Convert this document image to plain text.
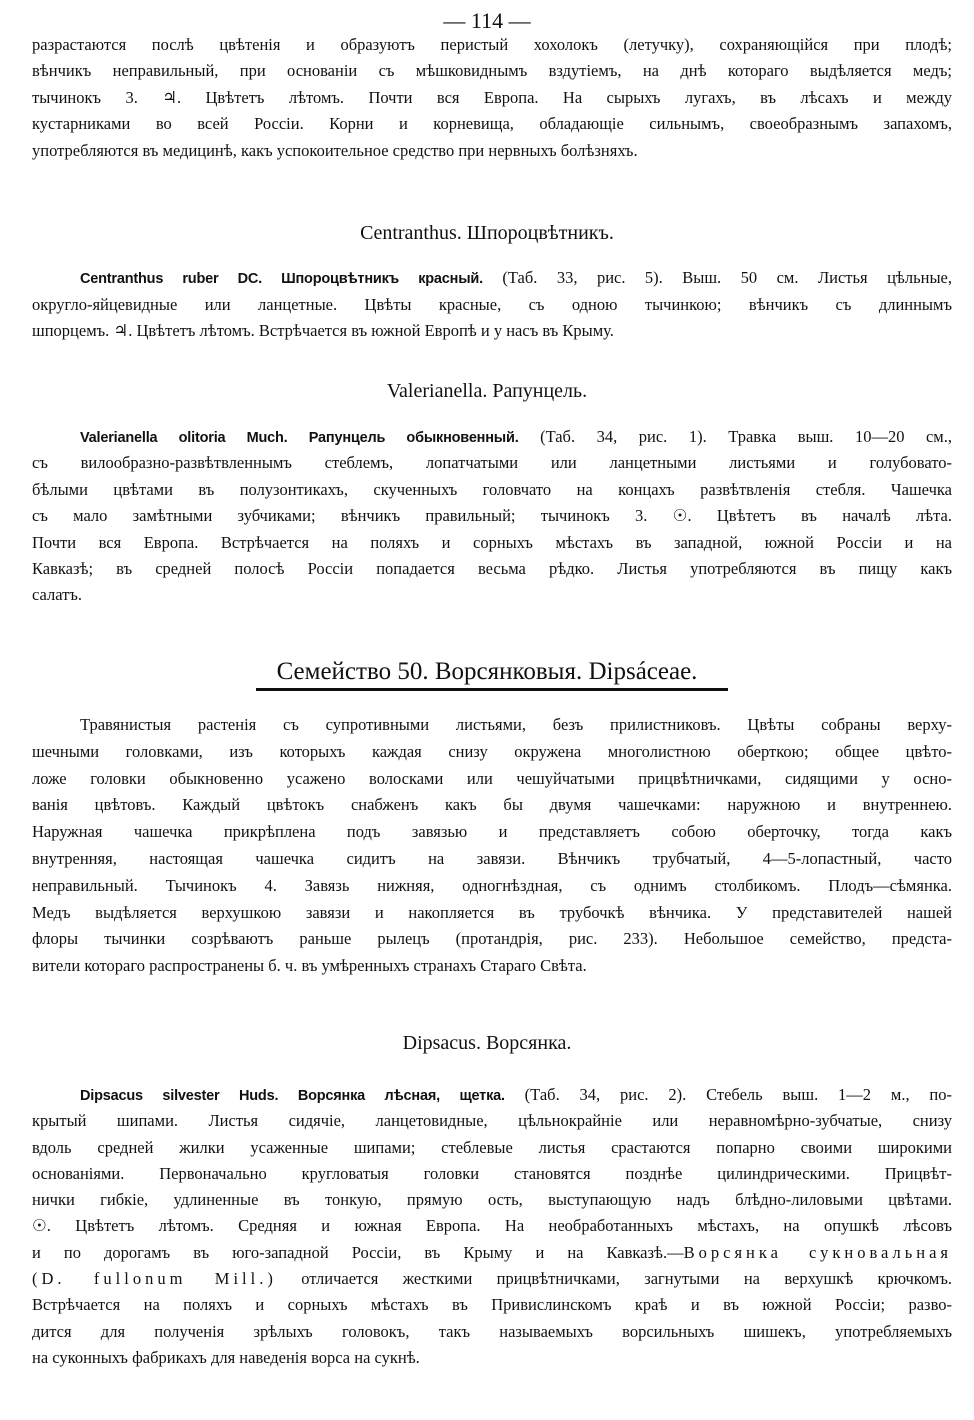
— 114 —
разрастаются послѣ цвѣтенія и образуютъ перистый хохолокъ (летучку), сохраняющійся при плодѣ;
вѣнчикъ неправильный, при основаніи съ мѣшковиднымъ вздутіемъ, на днѣ котораго выдѣляется медъ;
тычинокъ 3. ♃. Цвѣтетъ лѣтомъ. Почти вся Европа. На сырыхъ лугахъ, въ лѣсахъ и между
кустарниками во всей Россіи. Корни и корневища, обладающіе сильнымъ, своеобразнымъ запахомъ,
употребляются въ медицинѣ, какъ успокоительное средство при нервныхъ болѣзняхъ.
Centranthus. Шпороцвѣтникъ.
Centranthus ruber DC. Шпороцвѣтникъ красный. (Таб. 33, рис. 5). Выш. 50 см. Листья цѣльные,
округло-яйцевидные или ланцетные. Цвѣты красные, съ одною тычинкою; вѣнчикъ съ длиннымъ
шпорцемъ. ♃. Цвѣтетъ лѣтомъ. Встрѣчается въ южной Европѣ и у насъ въ Крыму.
Valerianella. Рапунцель.
Valerianella olitoria Much. Рапунцель обыкновенный. (Таб. 34, рис. 1). Травка выш. 10—20 см.,
съ вилообразно-развѣтвленнымъ стеблемъ, лопатчатыми или ланцетными листьями и голубовато-
бѣлыми цвѣтами въ полузонтикахъ, скученныхъ головчато на концахъ развѣтвленія стебля. Чашечка
съ мало замѣтными зубчиками; вѣнчикъ правильный; тычинокъ 3. ☉. Цвѣтетъ въ началѣ лѣта.
Почти вся Европа. Встрѣчается на поляхъ и сорныхъ мѣстахъ въ западной, южной Россіи и на
Кавказѣ; въ средней полосѣ Россіи попадается весьма рѣдко. Листья употребляются въ пищу какъ
салатъ.
Семейство 50. Ворсянковыя. Dipsáceae.
Травянистыя растенія съ супротивными листьями, безъ прилистниковъ. Цвѣты собраны верху-
шечными головками, изъ которыхъ каждая снизу окружена многолистною оберткою; общее цвѣто-
ложе головки обыкновенно усажено волосками или чешуйчатыми прицвѣтничками, сидящими у осно-
ванія цвѣтовъ. Каждый цвѣтокъ снабженъ какъ бы двумя чашечками: наружною и внутреннею.
Наружная чашечка прикрѣплена подъ завязью и представляетъ собою оберточку, тогда какъ
внутренняя, настоящая чашечка сидитъ на завязи. Вѣнчикъ трубчатый, 4—5-лопастный, часто
неправильный. Тычинокъ 4. Завязь нижняя, одногнѣздная, съ однимъ столбикомъ. Плодъ—сѣмянка.
Медъ выдѣляется верхушкою завязи и накопляется въ трубочкѣ вѣнчика. У представителей нашей
флоры тычинки созрѣваютъ раньше рылецъ (протандрія, рис. 233). Небольшое семейство, предста-
вители котораго распространены б. ч. въ умѣренныхъ странахъ Стараго Свѣта.
Dipsacus. Ворсянка.
Dipsacus silvester Huds. Ворсянка лѣсная, щетка. (Таб. 34, рис. 2). Стебель выш. 1—2 м., по-
крытый шипами. Листья сидячіе, ланцетовидные, цѣльнокрайніе или неравномѣрно-зубчатые, снизу
вдоль средней жилки усаженные шипами; стеблевые листья срастаются попарно своими широкими
основаніями. Первоначально кругловатыя головки становятся позднѣе цилиндрическими. Прицвѣт-
нички гибкіе, удлиненные въ тонкую, прямую ость, выступающую надъ блѣдно-лиловыми цвѣтами.
☉. Цвѣтетъ лѣтомъ. Средняя и южная Европа. На необработанныхъ мѣстахъ, на опушкѣ лѣсовъ
и по дорогамъ въ юго-западной Россіи, въ Крыму и на Кавказѣ.—Ворсянка сукновальная
(D. fullonum Mill.) отличается жесткими прицвѣтничками, загнутыми на верхушкѣ крючкомъ.
Встрѣчается на поляхъ и сорныхъ мѣстахъ въ Привислинскомъ краѣ и въ южной Россіи; разво-
дится для полученія зрѣлыхъ головокъ, такъ называемыхъ ворсильныхъ шишекъ, употребляемыхъ
на суконныхъ фабрикахъ для наведенія ворса на сукнѣ.
